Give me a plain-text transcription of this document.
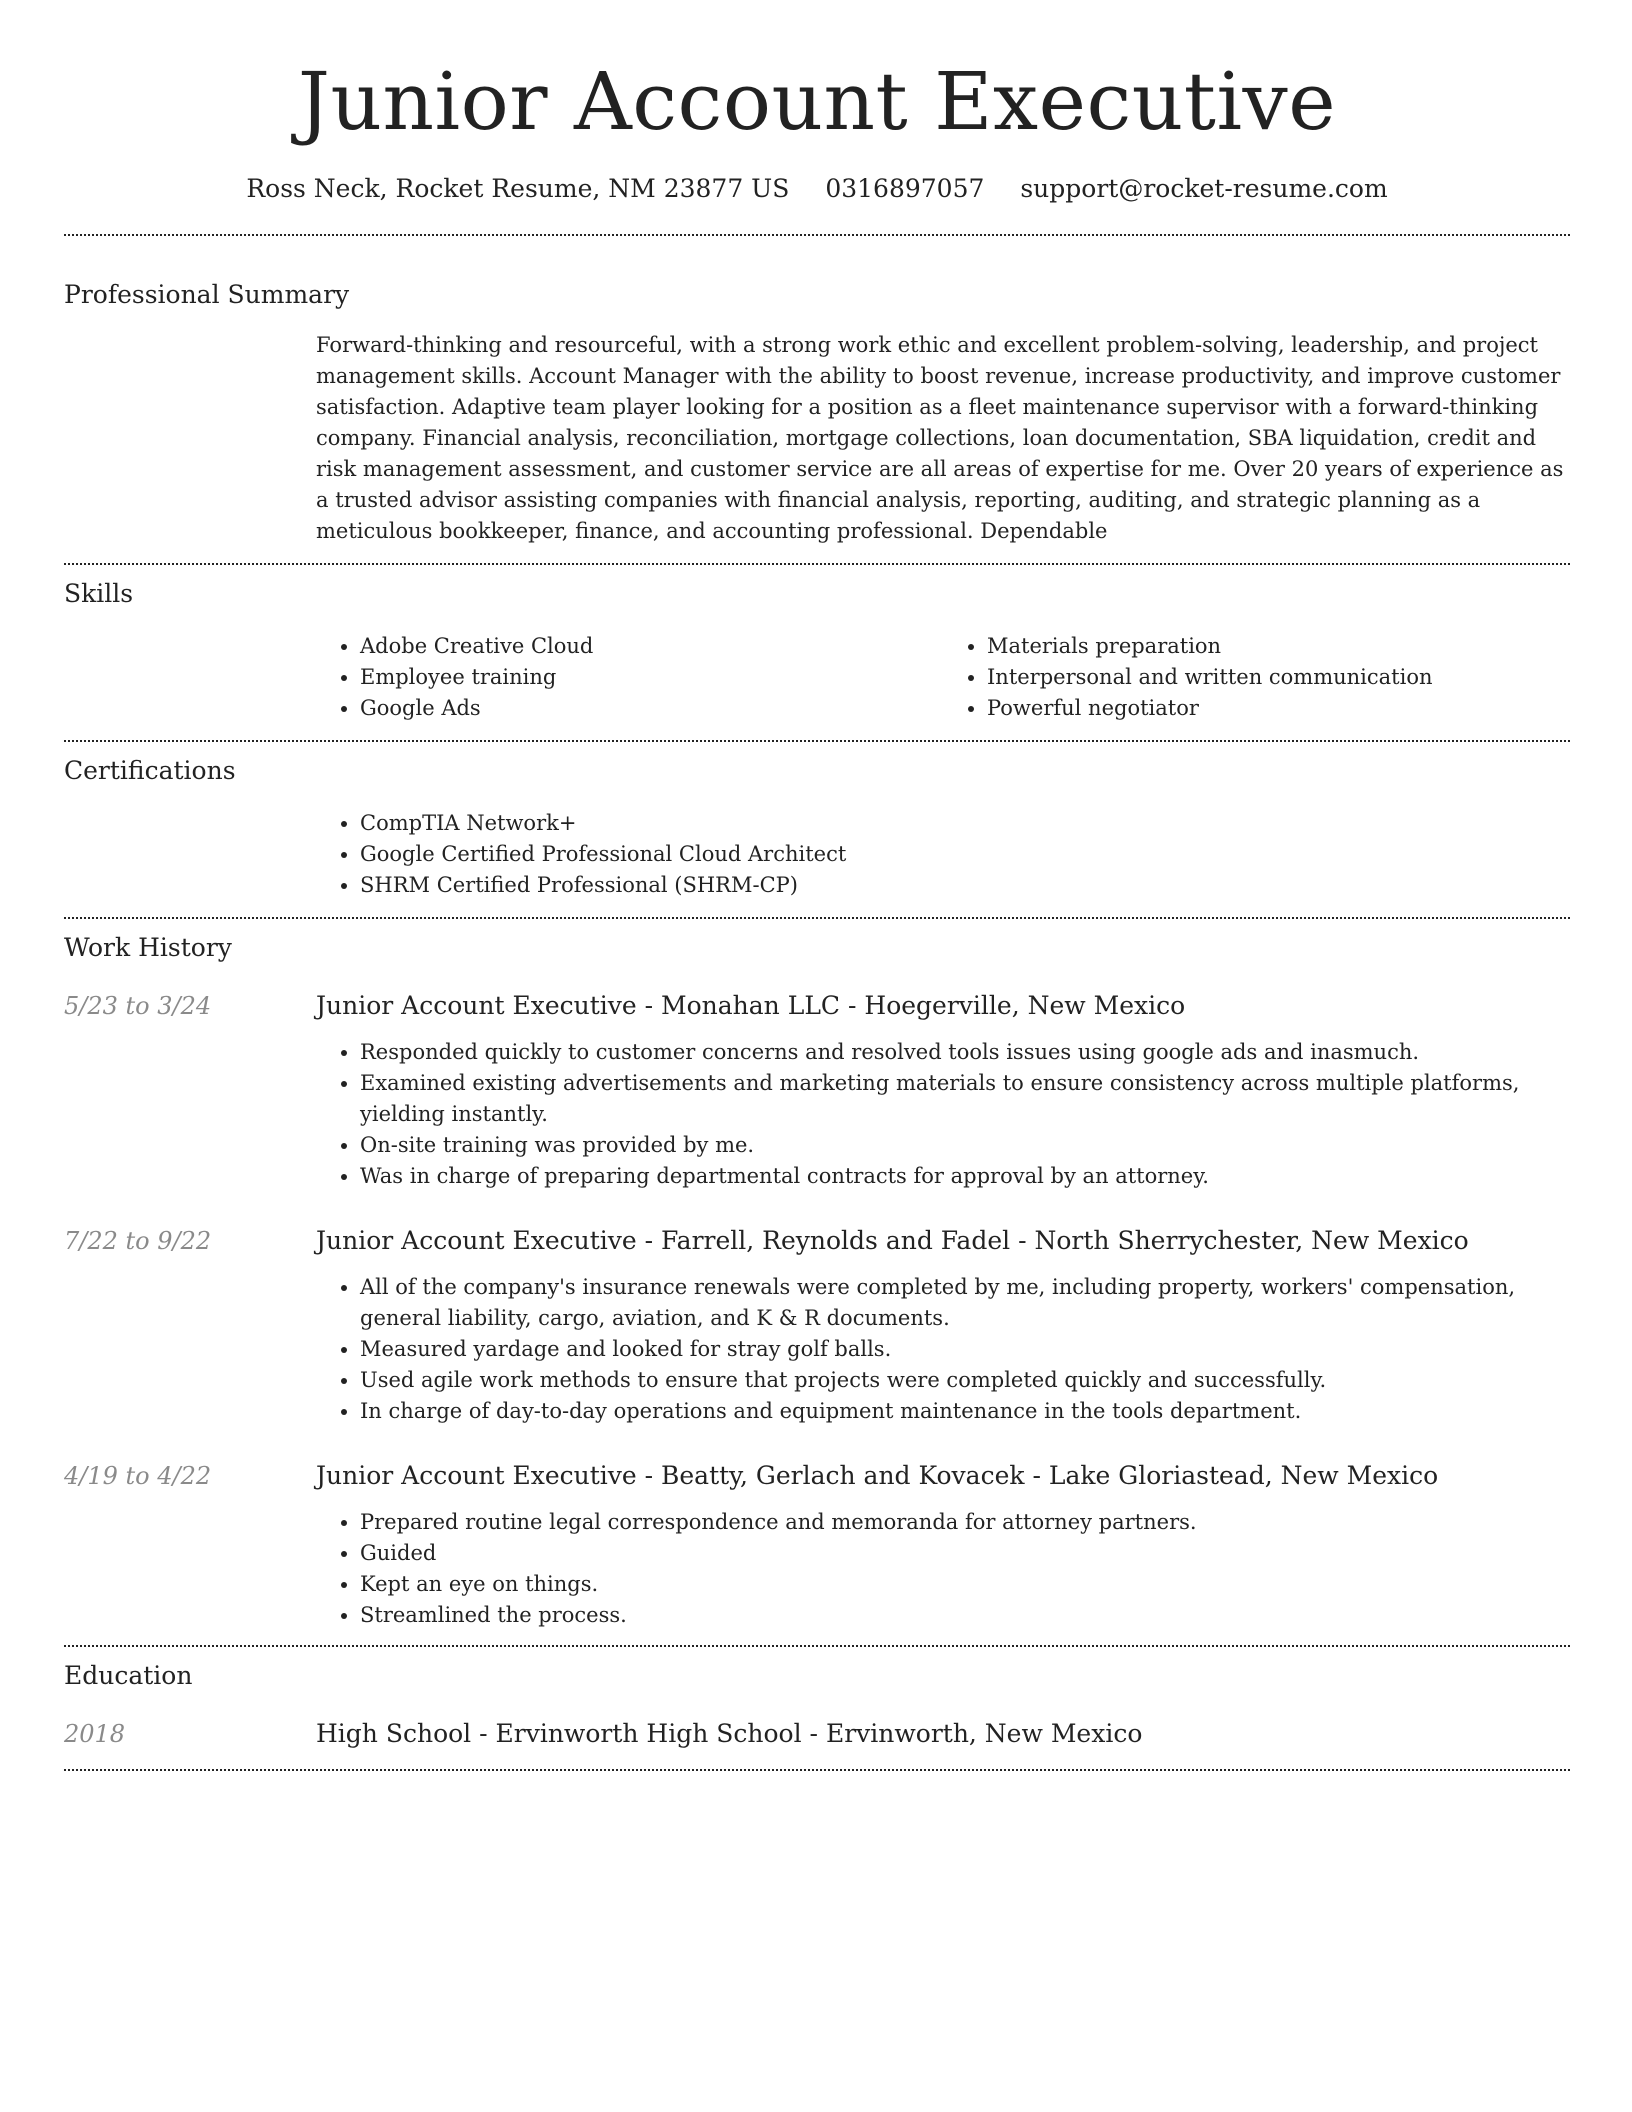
Junior Account Executive
Ross Neck, Rocket Resume, NM 23877 US 0316897057 support@rocket-resume.com
Professional Summary
Forward-thinking and resourceful, with a strong work ethic and excellent problem-solving, leadership, and project management skills. Account Manager with the ability to boost revenue, increase productivity, and improve customer satisfaction. Adaptive team player looking for a position as a fleet maintenance supervisor with a forward-thinking company. Financial analysis, reconciliation, mortgage collections, loan documentation, SBA liquidation, credit and risk management assessment, and customer service are all areas of expertise for me. Over 20 years of experience as a trusted advisor assisting companies with financial analysis, reporting, auditing, and strategic planning as a meticulous bookkeeper, finance, and accounting professional. Dependable
Skills
• Adobe Creative Cloud
• Employee training
• Google Ads
• Materials preparation
• Interpersonal and written communication
• Powerful negotiator
Certifications
• CompTIA Network+
• Google Certified Professional Cloud Architect
• SHRM Certified Professional (SHRM-CP)
Work History
5/23 to 3/24	Junior Account Executive - Monahan LLC - Hoegerville, New Mexico
• Responded quickly to customer concerns and resolved tools issues using google ads and inasmuch.
• Examined existing advertisements and marketing materials to ensure consistency across multiple platforms, yielding instantly.
• On-site training was provided by me.
• Was in charge of preparing departmental contracts for approval by an attorney.
7/22 to 9/22	Junior Account Executive - Farrell, Reynolds and Fadel - North Sherrychester, New Mexico
• All of the company's insurance renewals were completed by me, including property, workers' compensation, general liability, cargo, aviation, and K & R documents.
• Measured yardage and looked for stray golf balls.
• Used agile work methods to ensure that projects were completed quickly and successfully.
• In charge of day-to-day operations and equipment maintenance in the tools department.
4/19 to 4/22	Junior Account Executive - Beatty, Gerlach and Kovacek - Lake Gloriastead, New Mexico
• Prepared routine legal correspondence and memoranda for attorney partners.
• Guided
• Kept an eye on things.
• Streamlined the process.
Education
2018	High School - Ervinworth High School - Ervinworth, New Mexico
